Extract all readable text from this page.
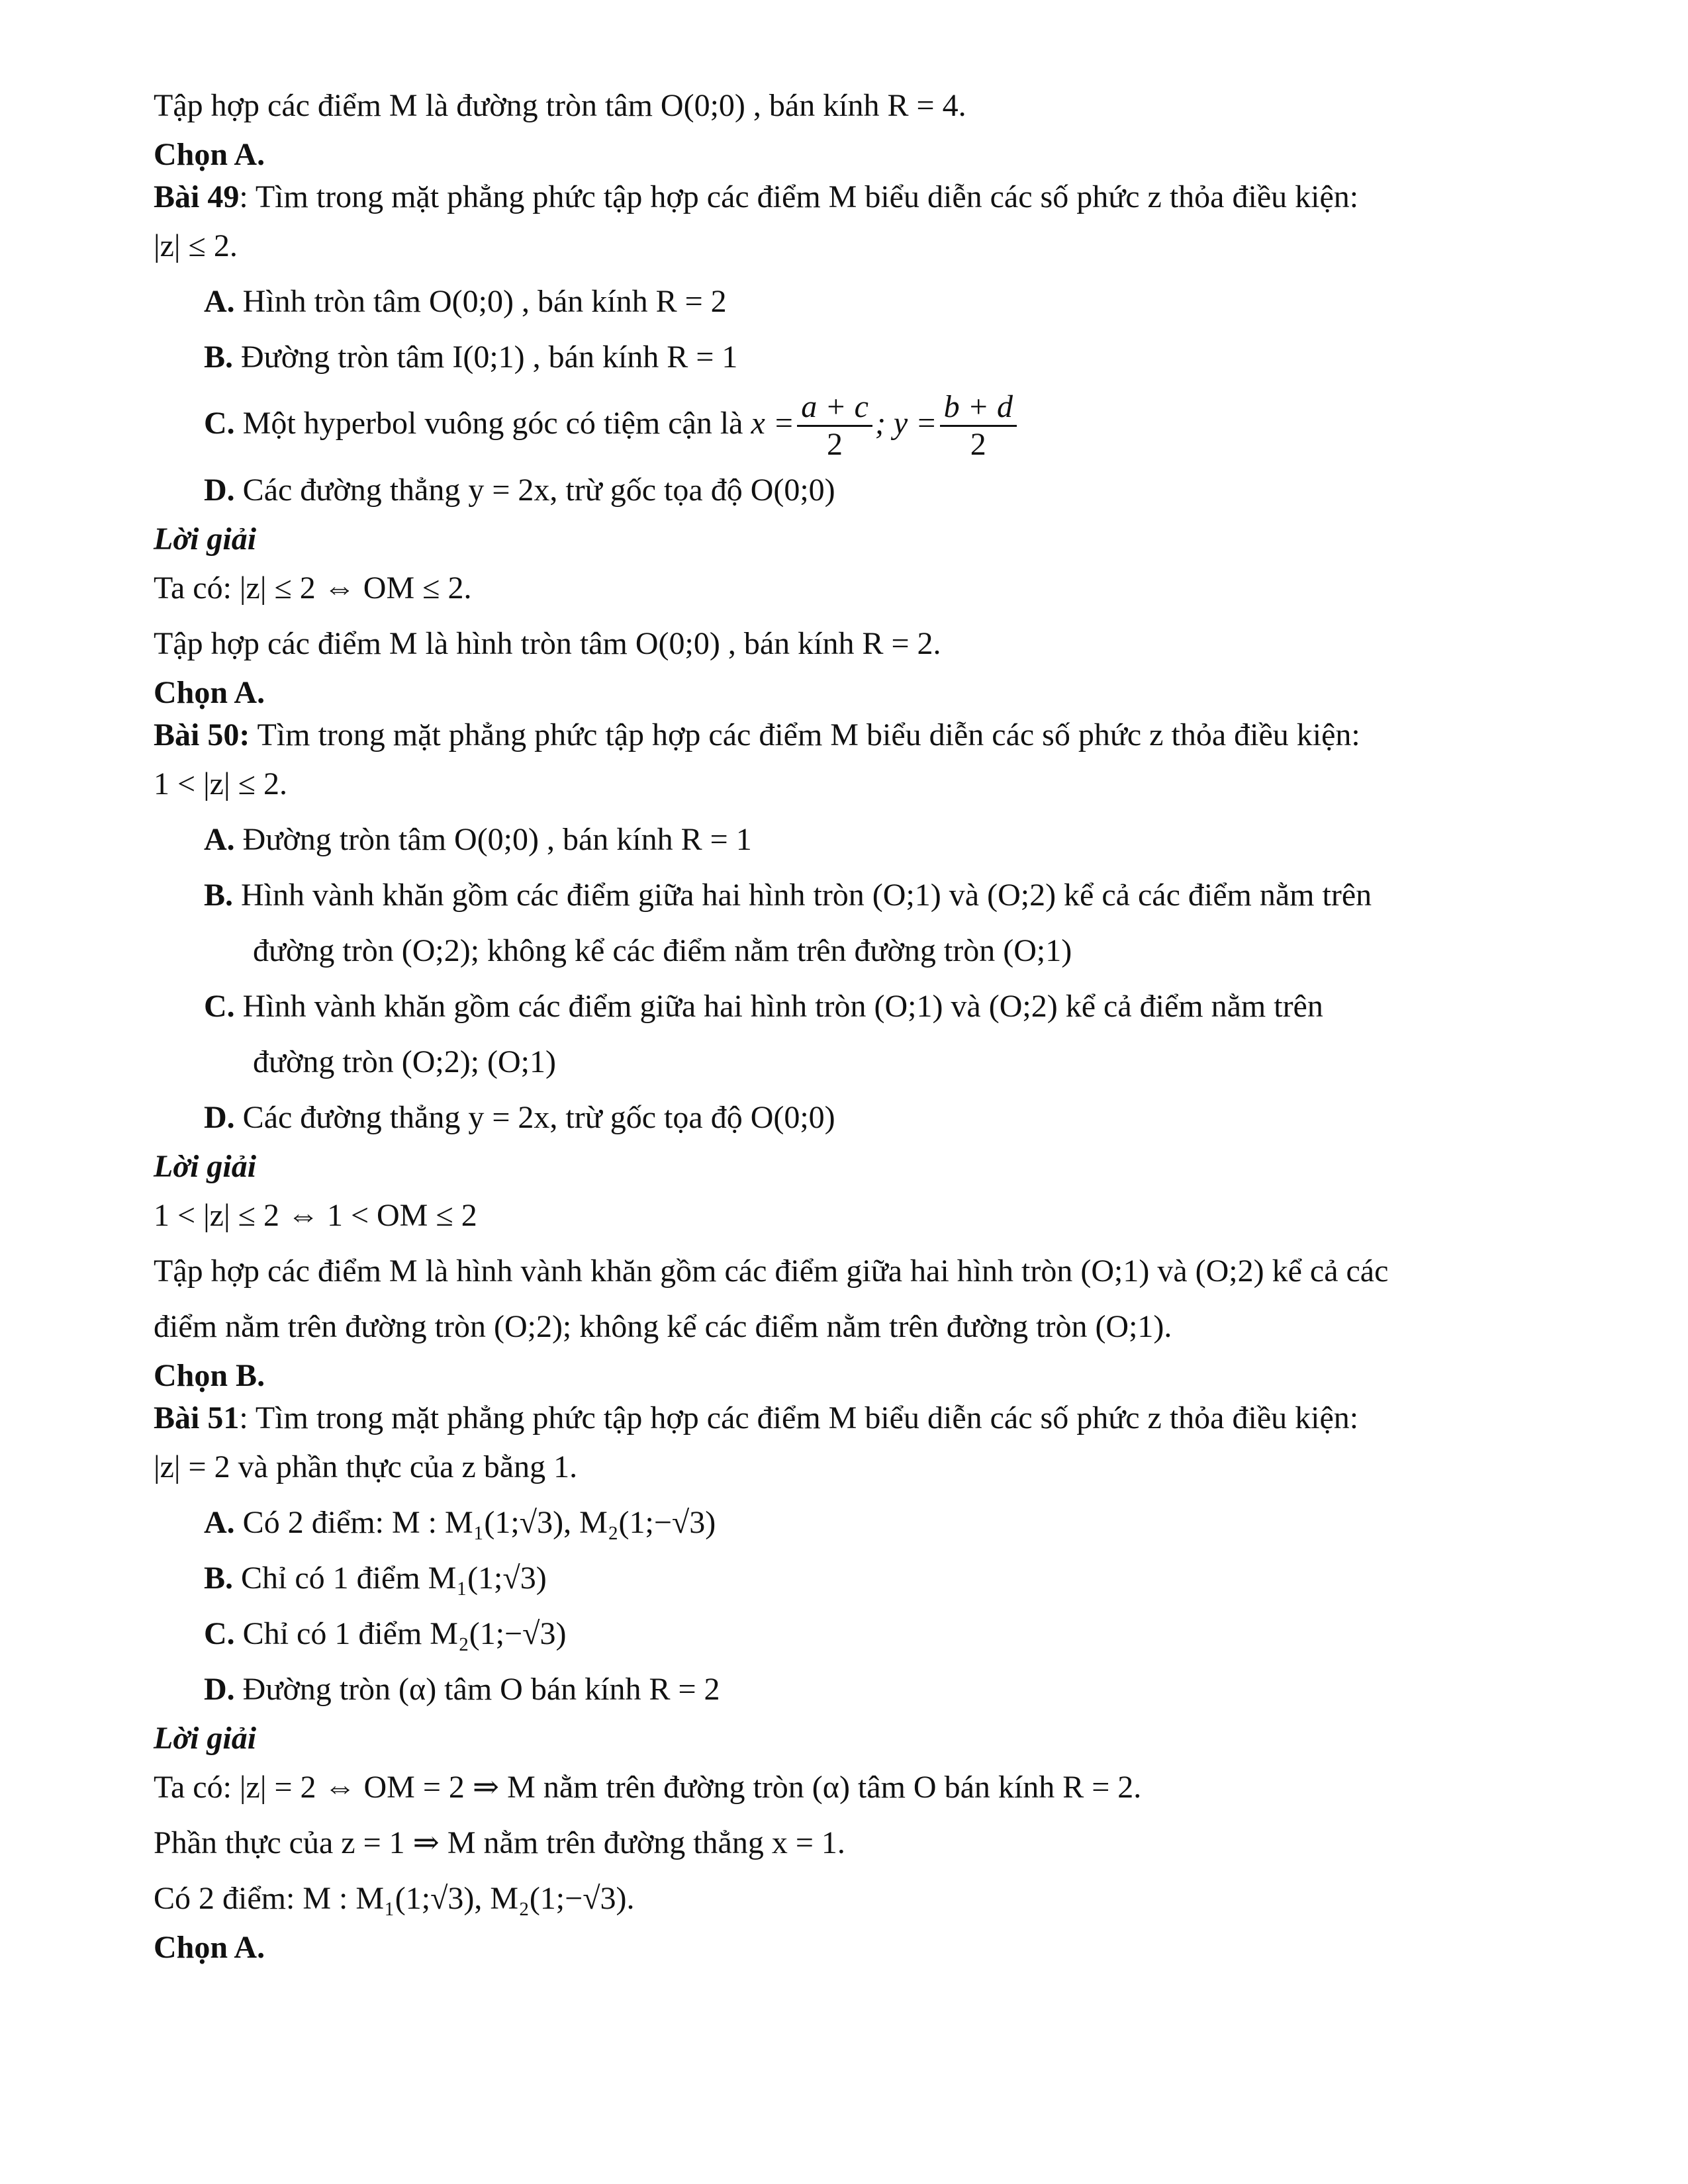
Tập hợp các điểm M là đường tròn tâm O(0;0) , bán kính R = 4.

Chọn A.

Bài 49: Tìm trong mặt phẳng phức tập hợp các điểm M biểu diễn các số phức z thỏa điều kiện:

|z| ≤ 2.

A. Hình tròn tâm O(0;0) , bán kính R = 2

B. Đường tròn tâm I(0;1) , bán kính R = 1

C. Một hyperbol vuông góc có tiệm cận là $x = \frac{a + c}{2}$ ; $y = \frac{b + d}{2}$

D. Các đường thẳng y = 2x, trừ gốc tọa độ O(0;0)

Lời giải

Ta có: |z| ≤ 2 ⇔ OM ≤ 2.

Tập hợp các điểm M là hình tròn tâm O(0;0) , bán kính R = 2.

Chọn A.

Bài 50: Tìm trong mặt phẳng phức tập hợp các điểm M biểu diễn các số phức z thỏa điều kiện:

1 < |z| ≤ 2.

A. Đường tròn tâm O(0;0) , bán kính R = 1

B. Hình vành khăn gồm các điểm giữa hai hình tròn (O;1) và (O;2) kể cả các điểm nằm trên

đường tròn (O;2); không kể các điểm nằm trên đường tròn (O;1)

C. Hình vành khăn gồm các điểm giữa hai hình tròn (O;1) và (O;2) kể cả điểm nằm trên

đường tròn (O;2); (O;1)

D. Các đường thẳng y = 2x, trừ gốc tọa độ O(0;0)

Lời giải

1 < |z| ≤ 2 ⇔ 1 < OM ≤ 2

Tập hợp các điểm M là hình vành khăn gồm các điểm giữa hai hình tròn (O;1) và (O;2) kể cả các

điểm nằm trên đường tròn (O;2); không kể các điểm nằm trên đường tròn (O;1).

Chọn B.

Bài 51: Tìm trong mặt phẳng phức tập hợp các điểm M biểu diễn các số phức z thỏa điều kiện:

|z| = 2 và phần thực của z bằng 1.

A. Có 2 điểm: M : M₁(1;√3), M₂(1;−√3)

B. Chỉ có 1 điểm M₁(1;√3)

C. Chỉ có 1 điểm M₂(1;−√3)

D. Đường tròn (α) tâm O bán kính R = 2

Lời giải

Ta có: |z| = 2 ⇔ OM = 2 ⇒ M nằm trên đường tròn (α) tâm O bán kính R = 2.

Phần thực của z = 1 ⇒ M nằm trên đường thẳng x = 1.

Có 2 điểm: M : M₁(1;√3), M₂(1;−√3).

Chọn A.
